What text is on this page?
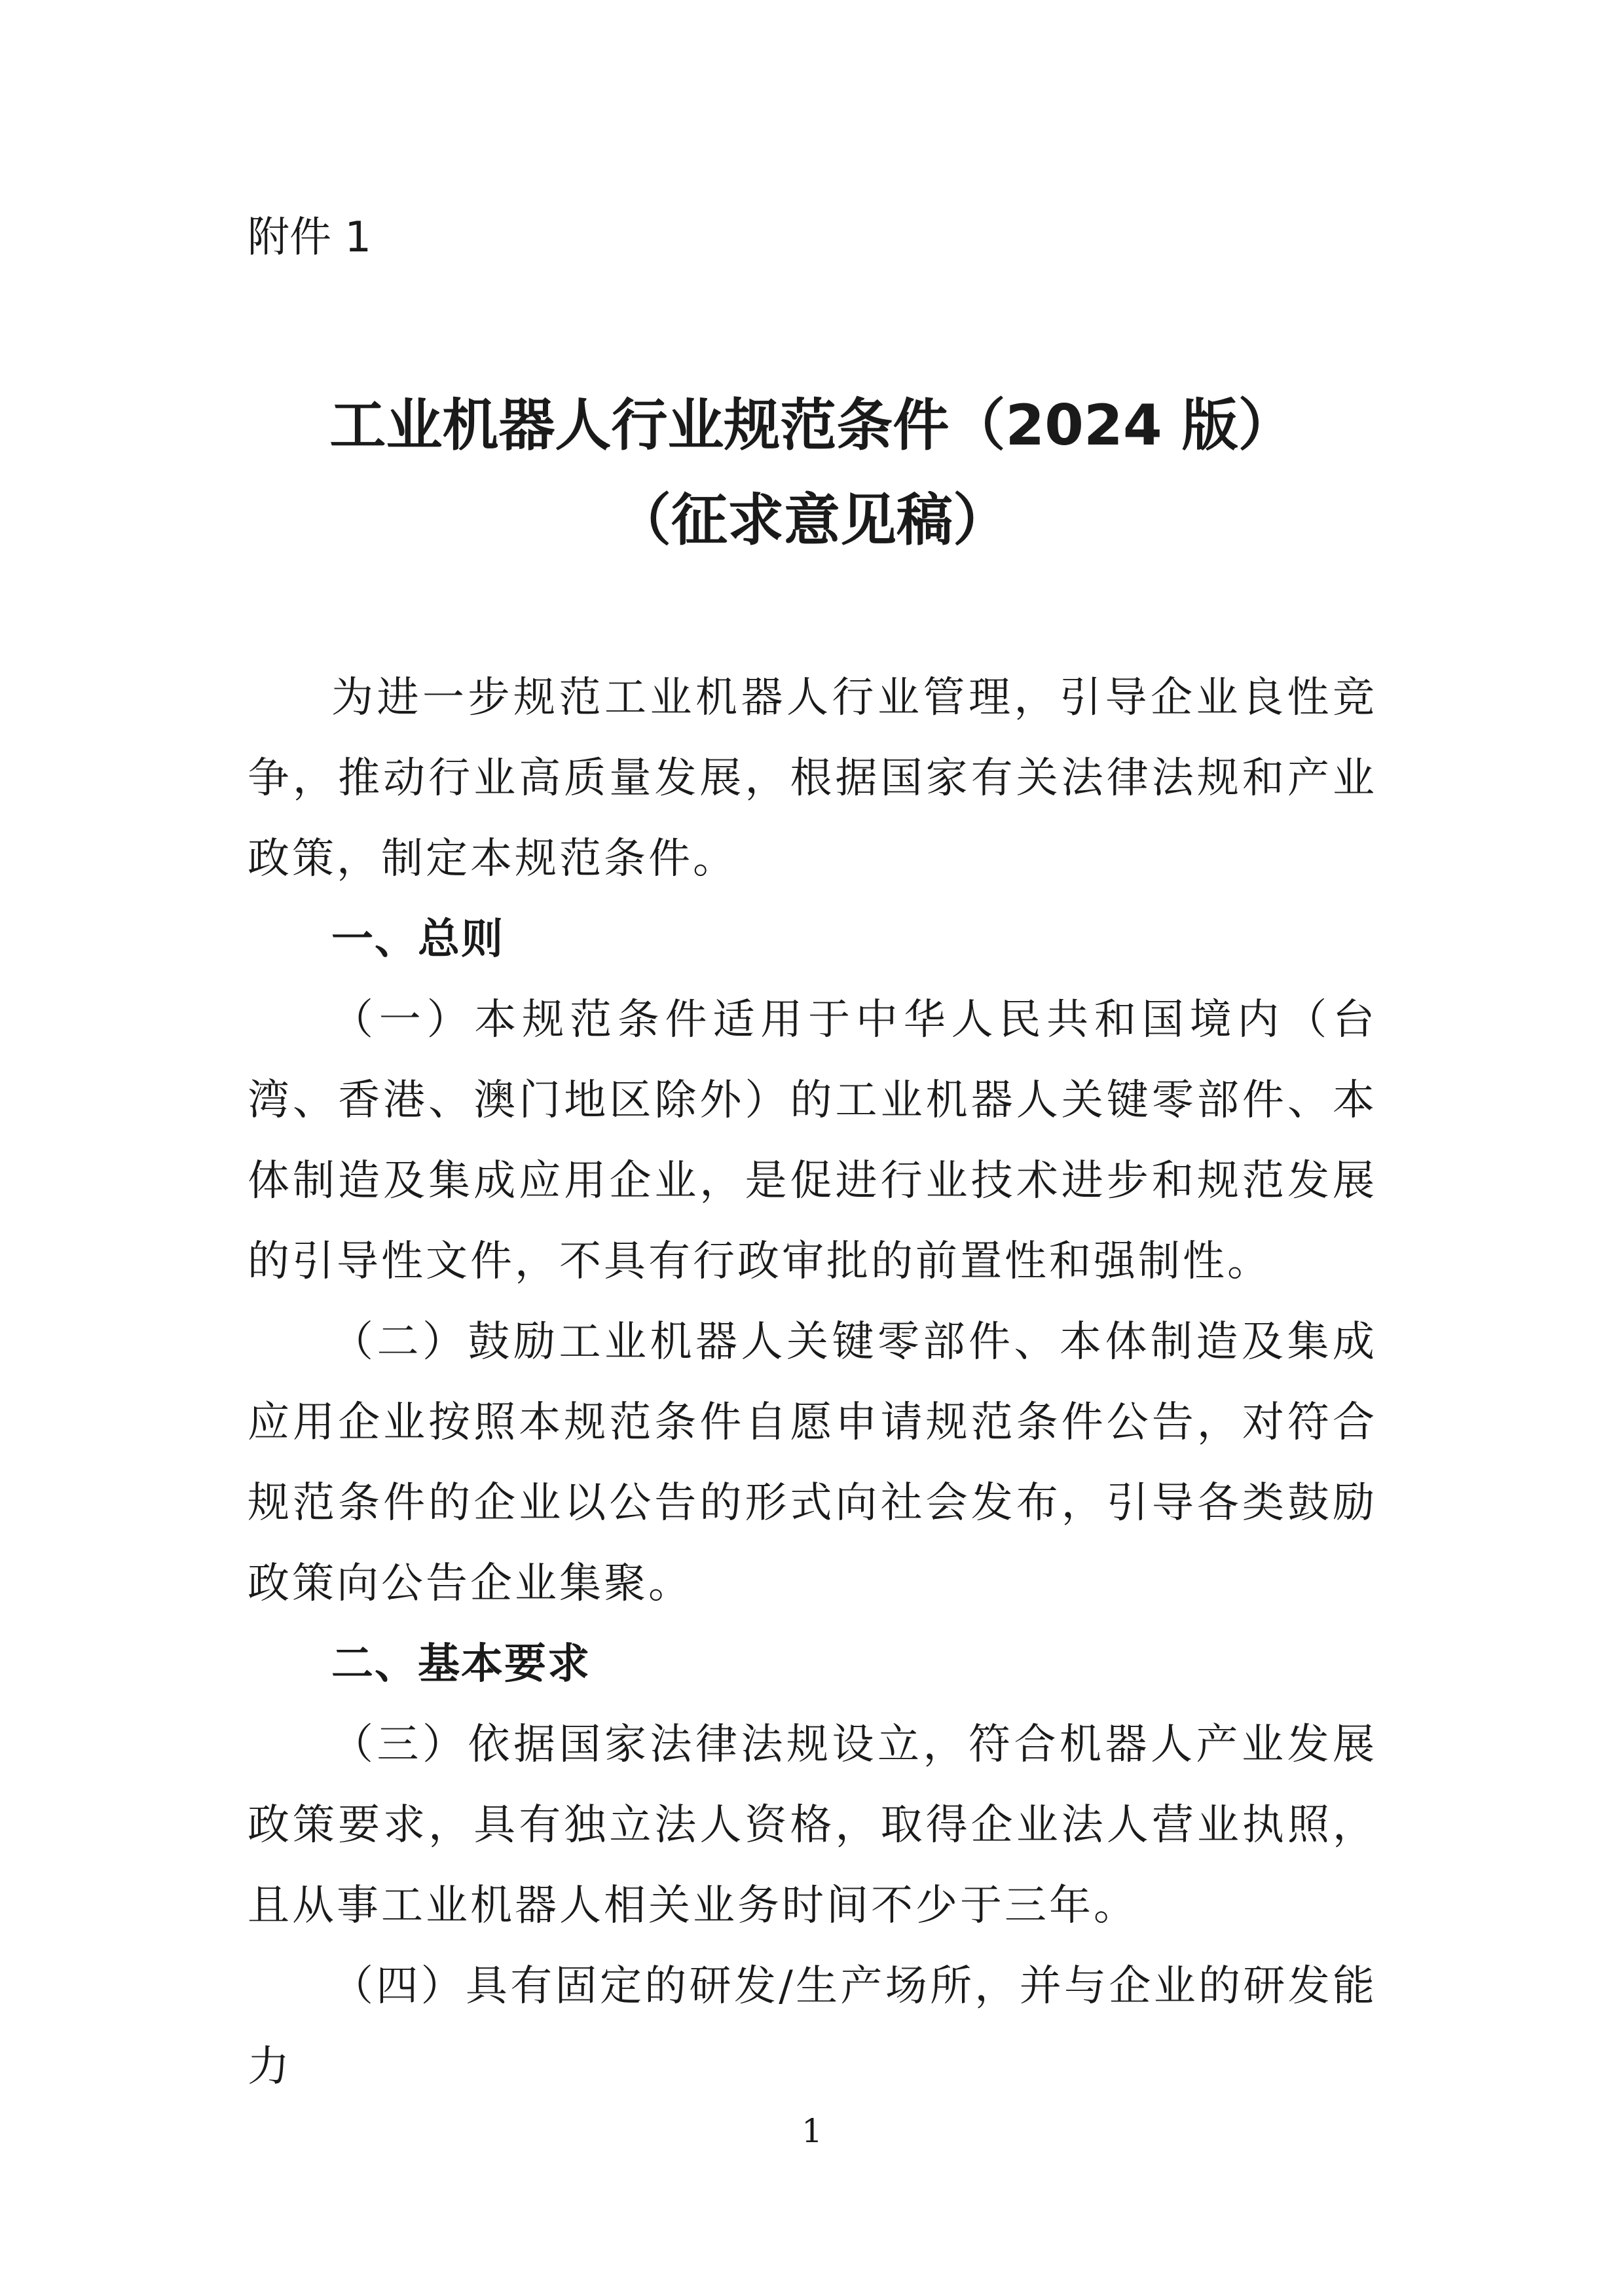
附件 1
工业机器人行业规范条件（2024 版）
（征求意见稿）

为进一步规范工业机器人行业管理，引导企业良性竞争，推动行业高质量发展，根据国家有关法律法规和产业政策，制定本规范条件。

一、总则

（一）本规范条件适用于中华人民共和国境内（台湾、香港、澳门地区除外）的工业机器人关键零部件、本体制造及集成应用企业，是促进行业技术进步和规范发展的引导性文件，不具有行政审批的前置性和强制性。

（二）鼓励工业机器人关键零部件、本体制造及集成应用企业按照本规范条件自愿申请规范条件公告，对符合规范条件的企业以公告的形式向社会发布，引导各类鼓励政策向公告企业集聚。

二、基本要求

（三）依据国家法律法规设立，符合机器人产业发展政策要求，具有独立法人资格，取得企业法人营业执照，且从事工业机器人相关业务时间不少于三年。

（四）具有固定的研发/生产场所，并与企业的研发能力

1
